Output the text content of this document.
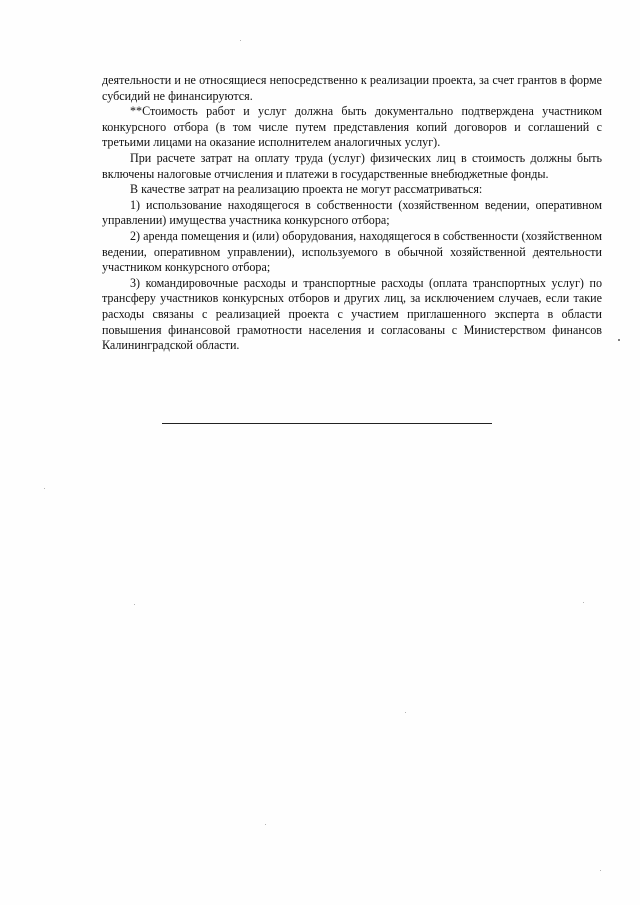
деятельности и не относящиеся непосредственно к реализации проекта, за счет грантов в форме субсидий не финансируются.

**Стоимость работ и услуг должна быть документально подтверждена участником конкурсного отбора (в том числе путем представления копий договоров и соглашений с третьими лицами на оказание исполнителем аналогичных услуг).

При расчете затрат на оплату труда (услуг) физических лиц в стоимость должны быть включены налоговые отчисления и платежи в государственные внебюджетные фонды.

В качестве затрат на реализацию проекта не могут рассматриваться:

1) использование находящегося в собственности (хозяйственном ведении, оперативном управлении) имущества участника конкурсного отбора;

2) аренда помещения и (или) оборудования, находящегося в собственности (хозяйственном ведении, оперативном управлении), используемого в обычной хозяйственной деятельности участником конкурсного отбора;

3) командировочные расходы и транспортные расходы (оплата транспортных услуг) по трансферу участников конкурсных отборов и других лиц, за исключением случаев, если такие расходы связаны с реализацией проекта с участием приглашенного эксперта в области повышения финансовой грамотности населения и согласованы с Министерством финансов Калининградской области.
